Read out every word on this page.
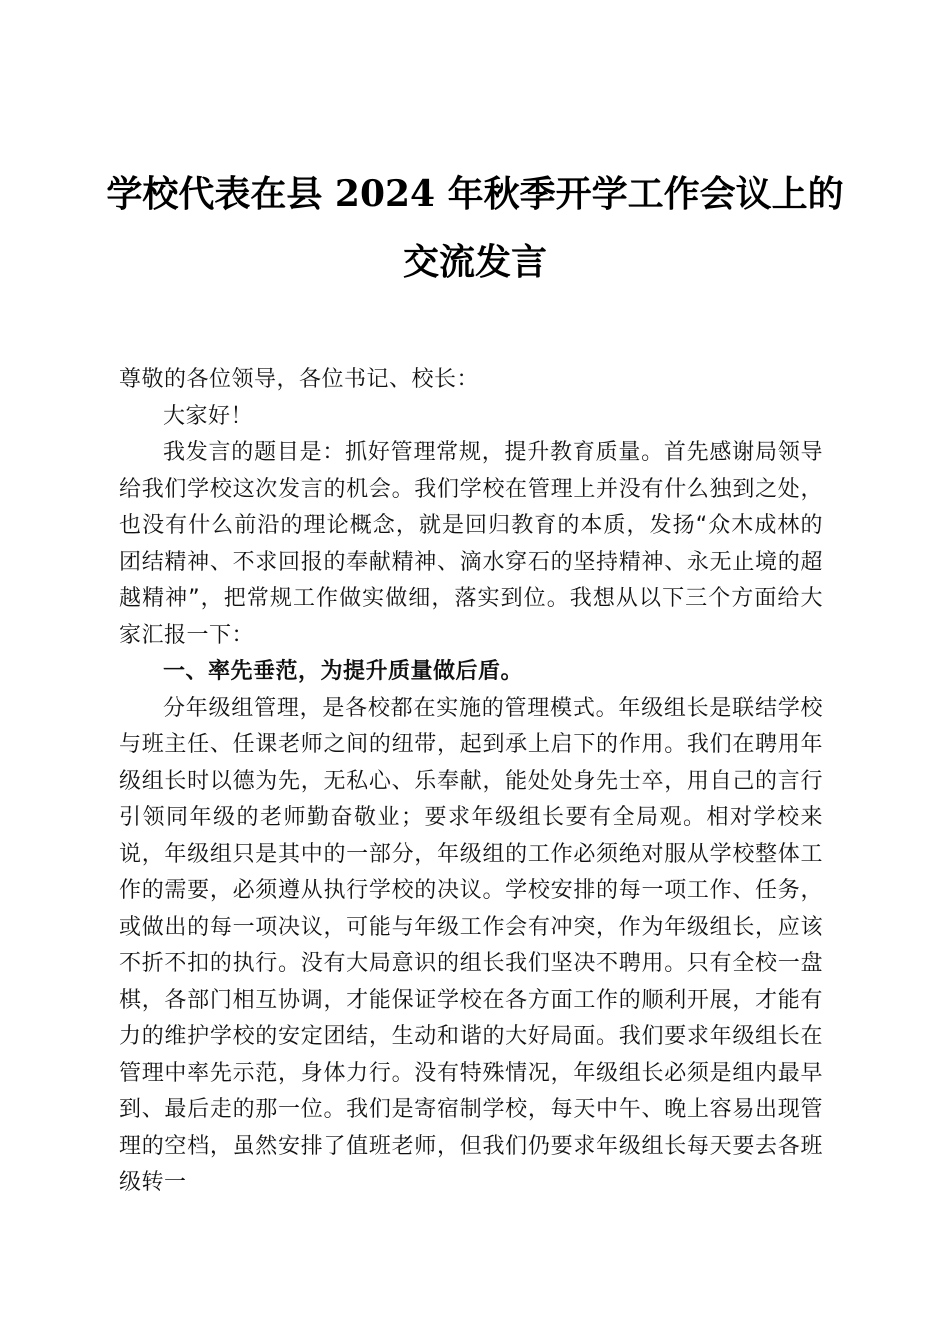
学校代表在县 2024 年秋季开学工作会议上的
交流发言

尊敬的各位领导，各位书记、校长：

大家好！

我发言的题目是：抓好管理常规，提升教育质量。首先感谢局领导给我们学校这次发言的机会。我们学校在管理上并没有什么独到之处，也没有什么前沿的理论概念，就是回归教育的本质，发扬“众木成林的团结精神、不求回报的奉献精神、滴水穿石的坚持精神、永无止境的超越精神”，把常规工作做实做细，落实到位。我想从以下三个方面给大家汇报一下：

一、率先垂范，为提升质量做后盾。

分年级组管理，是各校都在实施的管理模式。年级组长是联结学校与班主任、任课老师之间的纽带，起到承上启下的作用。我们在聘用年级组长时以德为先，无私心、乐奉献，能处处身先士卒，用自己的言行引领同年级的老师勤奋敬业；要求年级组长要有全局观。相对学校来说，年级组只是其中的一部分，年级组的工作必须绝对服从学校整体工作的需要，必须遵从执行学校的决议。学校安排的每一项工作、任务，或做出的每一项决议，可能与年级工作会有冲突，作为年级组长，应该不折不扣的执行。没有大局意识的组长我们坚决不聘用。只有全校一盘棋，各部门相互协调，才能保证学校在各方面工作的顺利开展，才能有力的维护学校的安定团结，生动和谐的大好局面。我们要求年级组长在管理中率先示范，身体力行。没有特殊情况，年级组长必须是组内最早到、最后走的那一位。我们是寄宿制学校，每天中午、晚上容易出现管理的空档，虽然安排了值班老师，但我们仍要求年级组长每天要去各班级转一
